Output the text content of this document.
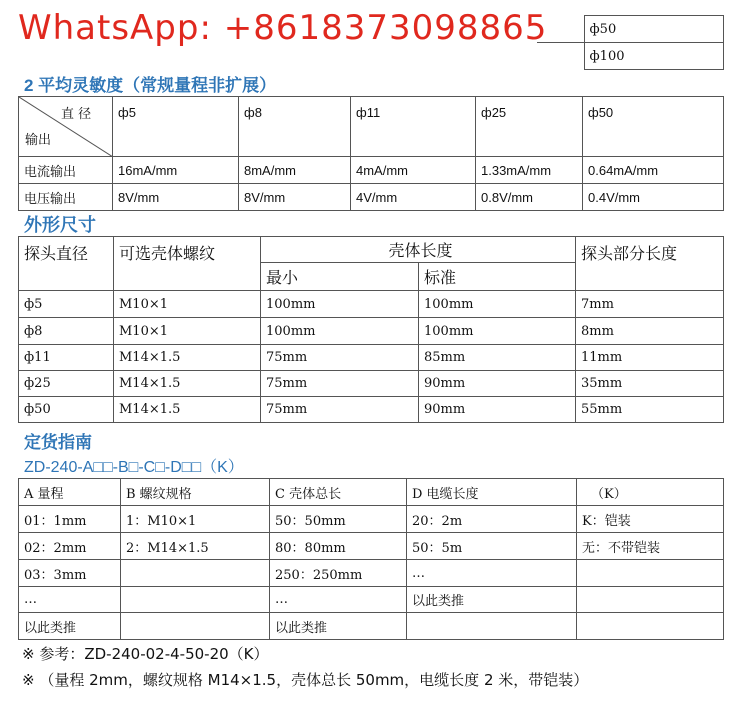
WhatsApp: +8618373098865
		ф50
	ф100
2 平均灵敏度（常规量程非扩展）
直 径
输出	ф5	ф8	ф11	ф25	ф50
电流输出	16mA/mm	8mA/mm	4mA/mm	1.33mA/mm	0.64mA/mm
电压输出	8V/mm	8V/mm	4V/mm	0.8V/mm	0.4V/mm
外形尺寸
探头直径	可选壳体螺纹	壳体长度		探头部分长度
		最小	标准	
ф5	M10×1	100mm	100mm	7mm
ф8	M10×1	100mm	100mm	8mm
ф11	M14×1.5	75mm	85mm	11mm
ф25	M14×1.5	75mm	90mm	35mm
ф50	M14×1.5	75mm	90mm	55mm
定货指南
ZD-240-A□□-B□-C□-D□□（K）
A 量程	B 螺纹规格	C 壳体总长	D 电缆长度	（K）
01：1mm	1：M10×1	50：50mm	20：2m	K：铠装
02：2mm	2：M14×1.5	80：80mm	50：5m	无：不带铠装
03：3mm		250：250mm	…	
…		…	以此类推	
以此类推		以此类推		
※ 参考：ZD-240-02-4-50-20（K）
※ （量程 2mm，螺纹规格 M14×1.5，壳体总长 50mm，电缆长度 2 米，带铠装）
